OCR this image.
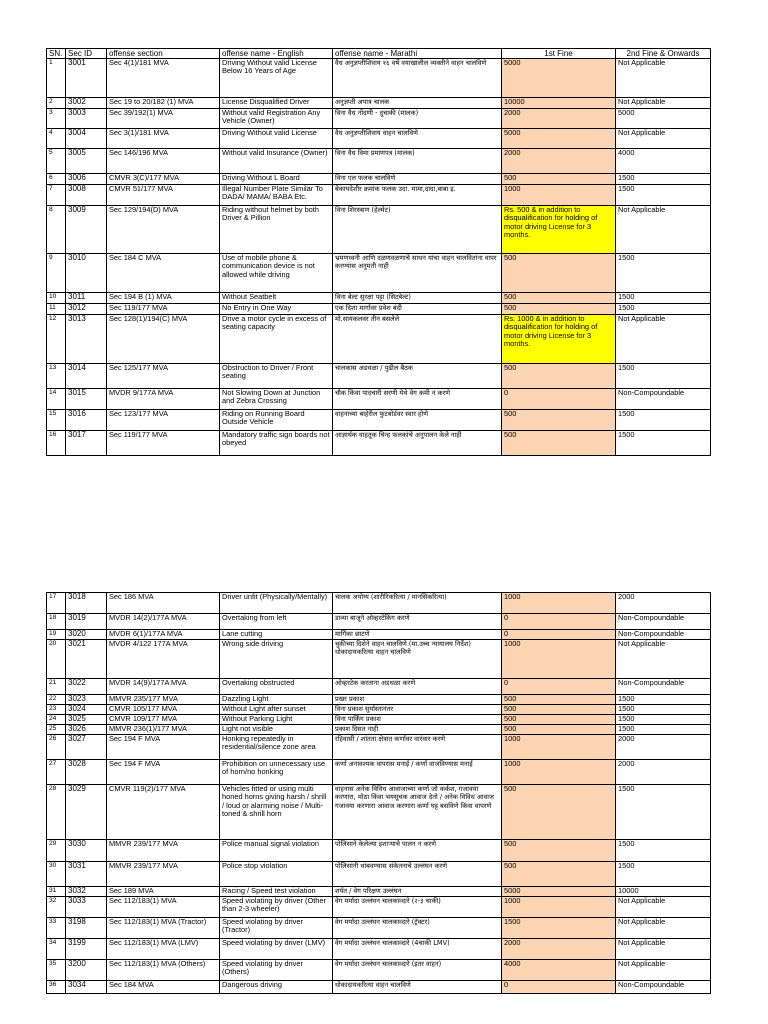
SN.	Sec ID	offense section	offense name - English	offense name - Marathi	1st Fine	2nd Fine & Onwards
1	3001	Sec 4(1)/181 MVA	Driving Without valid License Below 16 Years of Age	वैध अनुज्ञप्तीशिवाय १६ वर्षे वयाखालील व्यक्तीने वाहन चालविणे	5000	Not Applicable
2	3002	Sec 19 to 20/182 (1) MVA	License Disqualified Driver	अनुज्ञप्ती अपात्र चालक	10000	Not Applicable
3	3003	Sec 39/192(1) MVA	Without valid Registration Any Vehicle (Owner)	विना वैध नोंदणी - दुचाकी (मालक)	2000	5000
4	3004	Sec 3(1)/181 MVA	Driving Without valid License	वैध अनुज्ञप्तीशिवाय वाहन चालविणे	5000	Not Applicable
5	3005	Sec 146/196 MVA	Without valid Insurance (Owner)	विना वैध विमा प्रमाणपत्र (मालक)	2000	4000
6	3006	CMVR 3(C)/177 MVA	Driving Without L Board	विना एल फलक चालविणे	500	1500
7	3008	CMVR 51/177 MVA	Illegal Number Plate Similar To DADA/ MAMA/ BABA Etc.	बेकायदेशीर क्रमांक फलक उदा. मामा,दादा,बाबा इ.	1000	1500
8	3009	Sec 129/194(D) MVA	Riding without helmet by both Driver & Pillion	विना शिरस्त्राण (हेल्मेट)	Rs. 500 & in addition to disqualification for holding of motor driving License for 3 months.	Not Applicable
9	3010	Sec 184 C MVA	Use of mobile phone & communication device is not allowed while driving	भ्रमणध्वनी आणि दळणवळणाचे साधन यांचा वाहन चालवितांना वापर करण्यास अनुमती नाही	500	1500
10	3011	Sec 194 B (1) MVA	Without Seatbelt	विना बेल्ट सुरक्षा पट्टा (सिटबेल्ट)	500	1500
11	3012	Sec 119/177 MVA	No Entry in One Way	एक दिशा मार्गावर प्रवेश बंदी	500	1500
12	3013	Sec 128(1)/194(C) MVA	Drive a motor cycle in excess of seating capacity	मो.सायकलवर तीन बसलेले	Rs. 1000 & in addition to disqualification for holding of motor driving License for 3 months.	Not Applicable
13	3014	Sec 125/177 MVA	Obstruction to Driver / Front seating	चालकास अडथळा / पुढील बैठक	500	1500
14	3015	MVDR 9/177A MVA	Not Slowing Down at Junction and Zebra Crossing	चौक किंवा पादचारी सरणी येथे वेग कमी न करणे	0	Non-Compoundable
15	3016	Sec 123/177 MVA	Riding on Running Board Outside Vehicle	वाहनाच्या बाहेरील फुटबोर्डवर स्वार होणे	500	1500
16	3017	Sec 119/177 MVA	Mandatory traffic sign boards not obeyed	आज्ञार्थक वाहतूक चिन्ह फलकांचे अनुपालन केले नाही	500	1500
17	3018	Sec 186 MVA	Driver unfit (Physically/Mentally)	चालक अयोग्य (शारीरिकरित्या / मानसिकरित्या)	1000	2000
18	3019	MVDR 14(2)/177A MVA	Overtaking from left	डाव्या बाजूने ओव्हरटेकिंग करणे	0	Non-Compoundable
19	3020	MVDR 6(1)/177A MVA	Lane cutting	मार्गिका छाटणे	0	Non-Compoundable
20	3021	MVDR 4/122 177A MVA	Wrong side driving	चुकीच्या दिशेने वाहन चालविणे (मा.उच्च न्यायालय निर्देश) धोकादायकरित्या वाहन चालविणे	1000	Not Applicable
21	3022	MVDR 14(9)/177A MVA	Overtaking obstructed	ओव्हरटेक करताना अडथळा करणे	0	Non-Compoundable
22	3023	MMVR 235/177 MVA	Dazzling Light	प्रखर प्रकाश	500	1500
23	3024	CMVR 105/177 MVA	Without Light after sunset	विना प्रकाश सुर्यास्तानंतर	500	1500
24	3025	CMVR 109/177 MVA	Without Parking Light	विना पार्किंग प्रकाश	500	1500
25	3026	MMVR 236(1)/177 MVA	Light not visible	प्रकाश दिसत नाही	500	1500
26	3027	Sec 194 F MVA	Honking repeatedly in residential/silence zone area	रहिवासी / शांतता क्षेत्रात कर्णावर वारंवार करणे	1000	2000
27	3028	Sec 194 F MVA	Prohibition on unnecessary use of horn/no honking	कर्णा अनावश्यक वापरास मनाई / कर्णा वाजविण्यास मनाई	1000	2000
28	3029	CMVR 119(2)/177 MVA	Vehicles fitted or using multi honed horns giving harsh / shrill / loud or alarming noise / Multi-toned & shrill horn	वाहनास अनेक विविध आवाजाच्या कर्णा जो कर्कश, गजावया करणारा, मोठा किंवा भयसूचक आवाज देतो / अनेक विविध आवाज गजावया करणारा आवाज करणारा कर्णा घट्ट बसविणे किंवा वापरणे	500	1500
29	3030	MMVR 239/177 MVA	Police manual signal violation	पोलिसाने केलेल्या इशाऱ्याचे पालन न करणे	500	1500
30	3031	MMVR 239/177 MVA	Police stop violation	पोलिसांनी थांबवण्यास संकेतनाचे उल्लंघन करणे	500	1500
31	3032	Sec 189 MVA	Racing / Speed test violation	शर्यत / वेग परिक्षण उल्लंघन	5000	10000
32	3033	Sec 112/183(1) MVA	Speed violating by driver (Other than 2-3 wheeler)	वेग मर्यादा उल्लंघन चालकाव्दारे (२-३ चाकी)	1000	Not Applicable
33	3198	Sec 112/183(1) MVA (Tractor)	Speed violating by driver (Tractor)	वेग मर्यादा उल्लंघन चालकाव्दारे (ट्रॅक्टर)	1500	Not Applicable
34	3199	Sec 112/183(1) MVA (LMV)	Speed violating by driver (LMV)	वेग मर्यादा उल्लंघन चालकाव्दारे (4चाकी LMV)	2000	Not Applicable
35	3200	Sec 112/183(1) MVA (Others)	Speed violating by driver (Others)	वेग मर्यादा उल्लंघन चालकाव्दारे (इतर वाहन)	4000	Not Applicable
36	3034	Sec 184 MVA	Dangerous driving	धोकादायकरित्या वाहन चालविणे	0	Non-Compoundable
